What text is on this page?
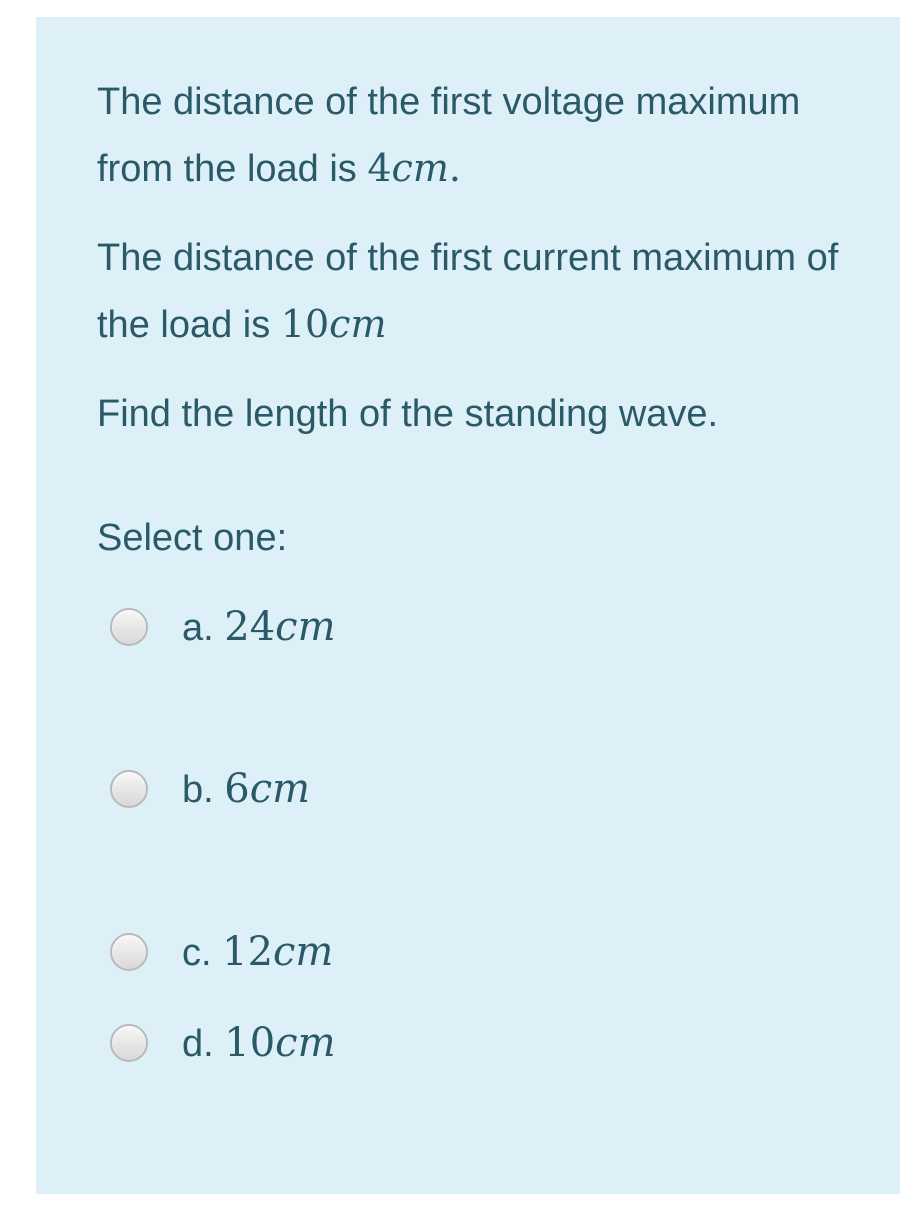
The distance of the first voltage maximum from the load is 4cm.
The distance of the first current maximum of the load is 10cm
Find the length of the standing wave.
Select one:
a. 24cm
b. 6cm
c. 12cm
d. 10cm
